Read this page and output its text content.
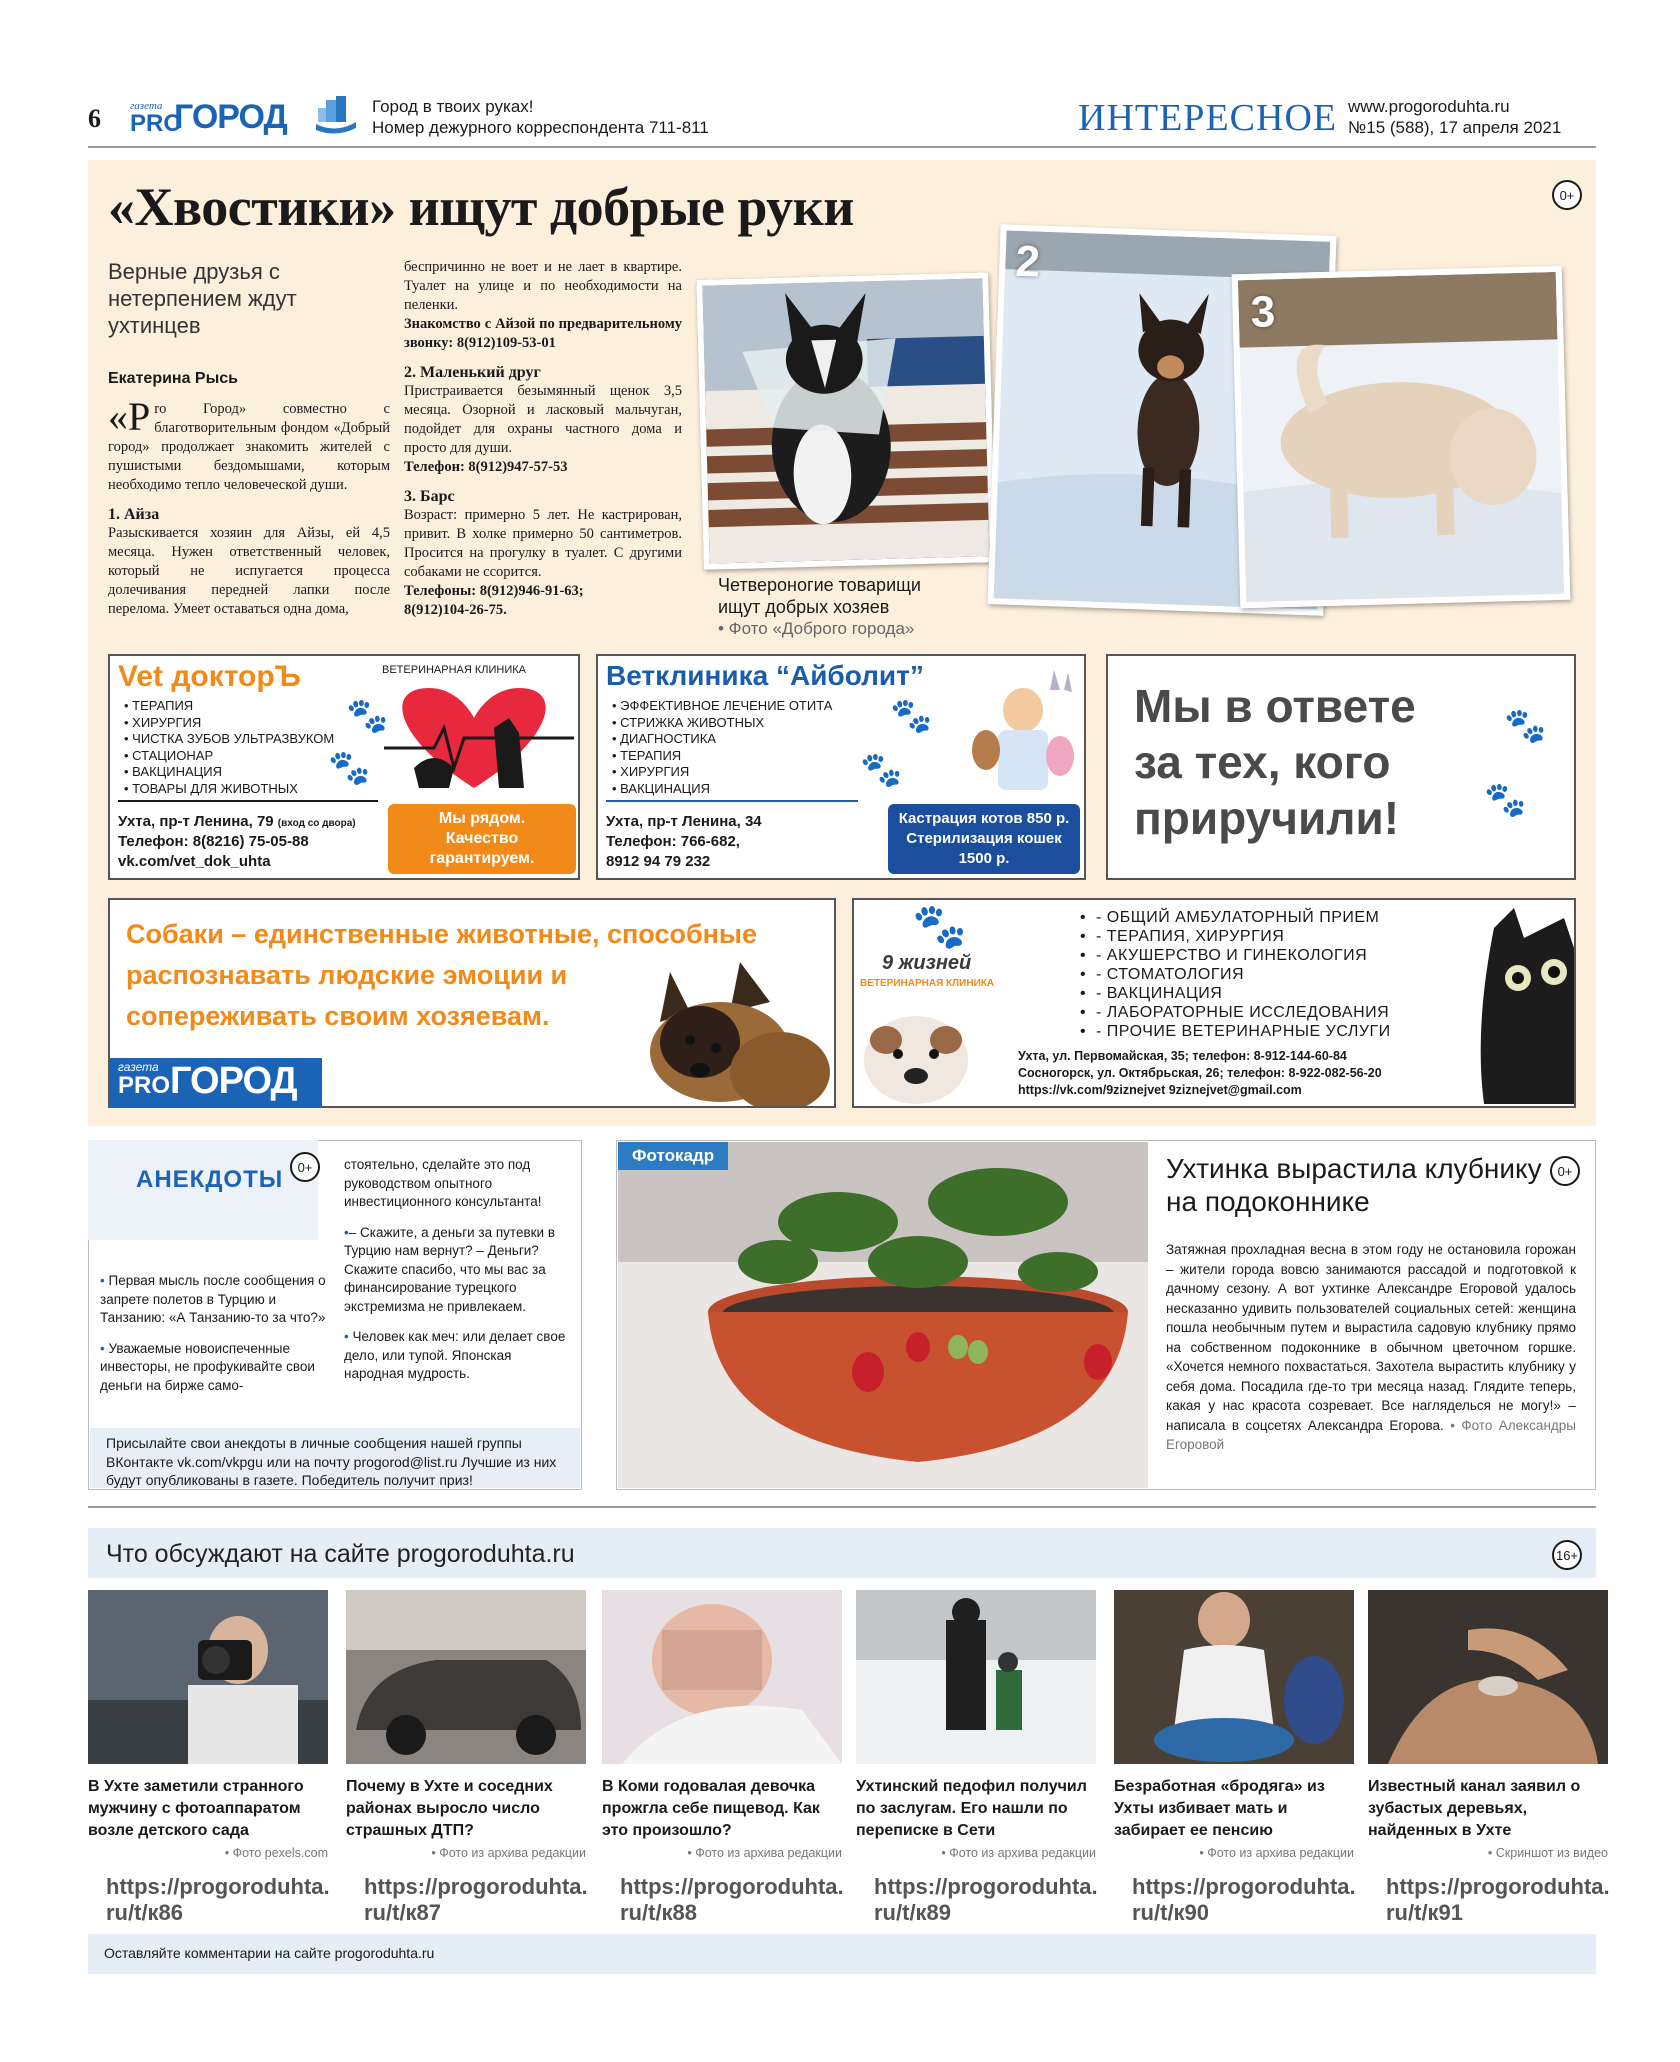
6	газета
PRO
ГОРОД	Город в твоих руках!
Номер дежурного корреспондента 711-811	ИНТЕРЕСНОЕ www.progoroduhta.ru
№15 (588), 17 апреля 2021
«Хвостики» ищут добрые руки	0+
Верные друзья с нетерпением ждут ухтинцев
Екатерина Рысь

«Pro Город» совместно с благотворительным фондом «Добрый город» продолжает знакомить жителей с пушистыми бездомышами, которым необходимо тепло человеческой души.

1. Айза

Разыскивается хозяин для Айзы, ей 4,5 месяца. Нужен ответственный человек, который не испугается процесса долечивания передней лапки после перелома. Умеет оставаться одна дома,

беспричинно не воет и не лает в квартире. Туалет на улице и по необходимости на пеленки.

Знакомство с Айзой по предварительному звонку: 8(912)109-53-01

2. Маленький друг

Пристраивается безымянный щенок 3,5 месяца. Озорной и ласковый мальчуган, подойдет для охраны частного дома и просто для души.

Телефон: 8(912)947-57-53

3. Барс

Возраст: примерно 5 лет. Не кастрирован, привит. В холке примерно 50 сантиметров. Просится на прогулку в туалет. С другими собаками не ссорится.

Телефоны: 8(912)946-91-63;
8(912)104-26-75.

2
3
Четвероногие товарищи
ищут добрых хозяев
• Фото «Доброго города»
Vet докторЪ	ВЕТЕРИНАРНАЯ КЛИНИКА
• ТЕРАПИЯ
• ХИРУРГИЯ
• ЧИСТКА ЗУБОВ УЛЬТРАЗВУКОМ
• СТАЦИОНАР
• ВАКЦИНАЦИЯ
• ТОВАРЫ ДЛЯ ЖИВОТНЫХ
🐾
🐾
Ухта, пр-т Ленина, 79 (вход со двора)
Телефон: 8(8216) 75-05-88
vk.com/vet_dok_uhta
Мы рядом.
Качество
гарантируем.
Ветклиника “Айболит”
• ЭФФЕКТИВНОЕ ЛЕЧЕНИЕ ОТИТА
• СТРИЖКА ЖИВОТНЫХ
• ДИАГНОСТИКА
• ТЕРАПИЯ
• ХИРУРГИЯ
• ВАКЦИНАЦИЯ
🐾
🐾
Ухта, пр-т Ленина, 34
Телефон: 766-682,
8912 94 79 232
Кастрация котов 850 р.
Стерилизация кошек
1500 р.
Мы в ответе
за тех, кого
приручили!
🐾
🐾
Собаки – единственные животные, способные
распознавать людские эмоции и
сопереживать своим хозяевам.
газета
PRO ГОРОД
🐾
9 жизней
ВЕТЕРИНАРНАЯ КЛИНИКА
•  - ОБЩИЙ АМБУЛАТОРНЫЙ ПРИЕМ
•  - ТЕРАПИЯ, ХИРУРГИЯ
•  - АКУШЕРСТВО И ГИНЕКОЛОГИЯ
•  - СТОМАТОЛОГИЯ
•  - ВАКЦИНАЦИЯ
•  - ЛАБОРАТОРНЫЕ ИССЛЕДОВАНИЯ
•  - ПРОЧИЕ ВЕТЕРИНАРНЫЕ УСЛУГИ
Ухта, ул. Первомайская, 35; телефон: 8-912-144-60-84
Сосногорск, ул. Октябрьская, 26; телефон: 8-922-082-56-20
https://vk.com/9ziznejvet 9ziznejvet@gmail.com
АНЕКДОТЫ	0+

• Первая мысль после сообщения о запрете полетов в Турцию и Танзанию: «А Танзанию-то за что?»

• Уважаемые новоиспеченные инвесторы, не профукивайте свои деньги на бирже само-

стоятельно, сделайте это под руководством опытного инвестиционного консультанта!

•– Скажите, а деньги за путевки в Турцию нам вернут? – Деньги? Скажите спасибо, что мы вас за финансирование турецкого экстремизма не привлекаем.

• Человек как меч: или делает свое дело, или тупой. Японская народная мудрость.

Присылайте свои анекдоты в личные сообщения нашей группы ВКонтакте vk.com/vkpgu или на почту progorod@list.ru Лучшие из них будут опубликованы в газете. Победитель получит приз!
Фотокадр	Ухтинка вырастила клубнику на подоконнике
0+
Затяжная прохладная весна в этом году не остановила горожан – жители города вовсю занимаются рассадой и подготовкой к дачному сезону. А вот ухтинке Александре Егоровой удалось несказанно удивить пользователей социальных сетей: женщина пошла необычным путем и вырастила садовую клубнику прямо на собственном подоконнике в обычном цветочном горшке. «Хочется немного похвастаться. Захотела вырастить клубнику у себя дома. Посадила где-то три месяца назад. Глядите теперь, какая у нас красота созревает. Все нагляделься не могу!» – написала в соцсетях Александра Егорова. • Фото Александры Егоровой
Что обсуждают на сайте progoroduhta.ru	16+
В Ухте заметили странного мужчину с фотоаппаратом возле детского сада
• Фото pexels.com
https://progoroduhta.
ru/t/к86
Почему в Ухте и соседних районах выросло число страшных ДТП?
• Фото из архива редакции
https://progoroduhta.
ru/t/к87
В Коми годовалая девочка прожгла себе пищевод. Как это произошло?
• Фото из архива редакции
https://progoroduhta.
ru/t/к88
Ухтинский педофил получил по заслугам. Его нашли по переписке в Сети
• Фото из архива редакции
https://progoroduhta.
ru/t/к89
Безработная «бродяга» из Ухты избивает мать и забирает ее пенсию
• Фото из архива редакции
https://progoroduhta.
ru/t/к90
Известный канал заявил о зубастых деревьях, найденных в Ухте
• Скриншот из видео
https://progoroduhta.
ru/t/к91
Оставляйте комментарии на сайте progoroduhta.ru
